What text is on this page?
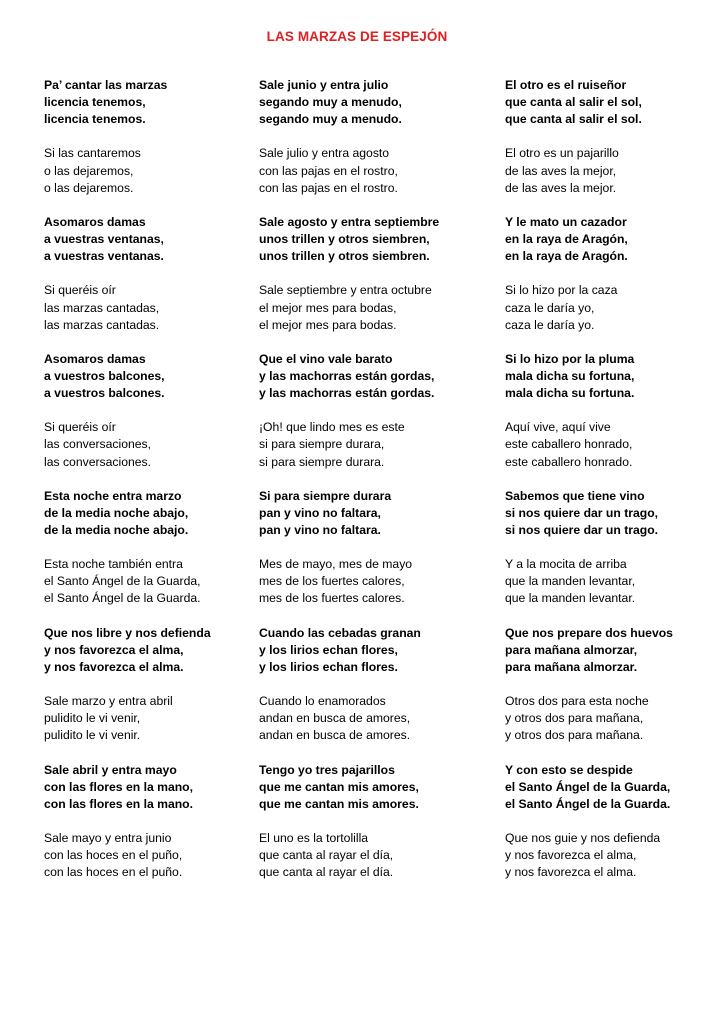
LAS MARZAS DE ESPEJÓN
Pa’ cantar las marzas
licencia tenemos,
licencia tenemos.
Si las cantaremos
o las dejaremos,
o las dejaremos.
Asomaros damas
a vuestras ventanas,
a vuestras ventanas.
Si queréis oír
las marzas cantadas,
las marzas cantadas.
Asomaros damas
a vuestros balcones,
a vuestros balcones.
Si queréis oír
las conversaciones,
las conversaciones.
Esta noche entra marzo
de la media noche abajo,
de la media noche abajo.
Esta noche también entra
el Santo Ángel de la Guarda,
el Santo Ángel de la Guarda.
Que nos libre y nos defienda
y nos favorezca el alma,
y nos favorezca el alma.
Sale marzo y entra abril
pulidito le vi venir,
pulidito le vi venir.
Sale abril y entra mayo
con las flores en la mano,
con las flores en la mano.
Sale mayo y entra junio
con las hoces en el puño,
con las hoces en el puño.
Sale junio y entra julio
segando muy a menudo,
segando muy a menudo.
Sale julio y entra agosto
con las pajas en el rostro,
con las pajas en el rostro.
Sale agosto y entra septiembre
unos trillen y otros siembren,
unos trillen y otros siembren.
Sale septiembre y entra octubre
el mejor mes para bodas,
el mejor mes para bodas.
Que el vino vale barato
y las machorras están gordas,
y las machorras están gordas.
¡Oh! que lindo mes es este
si para siempre durara,
si para siempre durara.
Si para siempre durara
pan y vino no faltara,
pan y vino no faltara.
Mes de mayo, mes de mayo
mes de los fuertes calores,
mes de los fuertes calores.
Cuando las cebadas granan
y los lirios echan flores,
y los lirios echan flores.
Cuando lo enamorados
andan en busca de amores,
andan en busca de amores.
Tengo yo tres pajarillos
que me cantan mis amores,
que me cantan mis amores.
El uno es la tortolilla
que canta al rayar el día,
que canta al rayar el día.
El otro es el ruiseñor
que canta al salir el sol,
que canta al salir el sol.
El otro es un pajarillo
de las aves la mejor,
de las aves la mejor.
Y le mato un cazador
en la raya de Aragón,
en la raya de Aragón.
Si lo hizo por la caza
caza le daría yo,
caza le daría yo.
Si lo hizo por la pluma
mala dicha su fortuna,
mala dicha su fortuna.
Aquí vive, aquí vive
este caballero honrado,
este caballero honrado.
Sabemos que tiene vino
si nos quiere dar un trago,
si nos quiere dar un trago.
Y a la mocita de arriba
que la manden levantar,
que la manden levantar.
Que nos prepare dos huevos
para mañana almorzar,
para mañana almorzar.
Otros dos para esta noche
y otros dos para mañana,
y otros dos para mañana.
Y con esto se despide
el Santo Ángel de la Guarda,
el Santo Ángel de la Guarda.
Que nos guie y nos defienda
y nos favorezca el alma,
y nos favorezca el alma.
